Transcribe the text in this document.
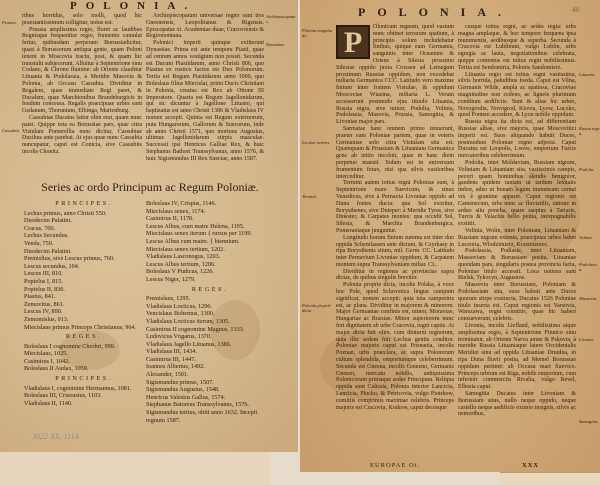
POLONIA.
Prussia.
Cassubia.
Archiepiscopatus.
Dynastiae.

ribus horridus, solo molli, quod hic praestantissimum colligitur, notus est.

Prussia amplissima regio, floret ac laudibus Regnisque frequentior regio, frumento cumulat fertur, quibusdam perperam Borussiadicitur, quasi à Borussorum antiqua gente, quam Poloni tenent in Moscovia tractu, post, & quam hic transtulit subjecerunt. Alluitur à Septentrione sinu Codano, & Chrono flumine: ab Oriente clauditur Lituania & Podolassia, à Meridie Masovia & Polonia, ab Occasu Cassubia. Dividitur in Regalem, quae immediate Regi paret, & Ducalem, quae Marchionibus Brandeburgicis in feudum concessa. Regalis praecipuae urbes sunt Gedanum, Thorunium, Elbinga, Marienburg.

Cassubiae Ducatus latior olim erat, quam nunc patet. Quippe tota ea Borussiae pars, quae citra Vistulam Pomerellia nunc dicitur, Cassubiae Ducibus ante parebat. At ejus quae nunc Cassubia nuncupatur, caput est Conicia, sive Cassubiis incolis Chonitz.

Archiepiscopatum universae regno sunt tres Gnesnensis, Leopolitanus & Rigensis. Episcopatus xi. Academiae duae, Cracoviensis & Regiomontana.

Polonici imperii quinque extiterunt Dynastiae. Prima est ante tempora Piasti, quae ad centum annos vestigium non possit. Secunda est Ducum Piastidarum, anno Christi 806, quo Piastus ex rustico factus est Dux Polonorum. Tertia est Regum Piastidarum anno 1000, quo Boleslaus filius Miecislai, primi Ducis Christiani in Polonia, creatus est Rex ab Ottone III Imperatore. Quarta est Regum Jagellonidarum, qui sic dicuntur à Jagellone Lituano, qui baptizatus est anno Christi 1386 & Vladislaus IV nomen accepit. Quinta est Regum externorum, puta Hungarorum, Gallorum & Suecorum, inde ab anno Christi 1571, quo mortuus Augustus, ultimus Jagellonidarum stirpis masculae. Successit ipsi Henricus Galliae Rex, & huic Stephanus Bathori Transsylvanus, anno 1576, & huic Sigismundus III Rex Sueciae, anno 1587.

Series ac ordo Principum ac Regum Poloniæ.
PRINCIPES.
Lechus primus, anno Christi 550.
Duodecim Palatini.
Cracus, 700.
Lechus Secundus.
Venda, 750.
Duodecim Palatini.
Premislius, sive Lescus primus, 760.
Lescus secundus, 104.
Lescus III, 810.
Popielus I, 815.
Popielus II, 830.
Piastus, 841.
Zemovitus, 861.
Lescus IV, 890.
Zemomislus, 913.
Miecislaus primus Princeps Christianus, 964.
REGES.
Boleslaus I cognomine Chrobri, 999.
Miecislaus, 1025.
Casimirus I, 1042.
Boleslaus II Audax, 1059.
PRINCIPES.
Vladislaus I, cognomine Hermannus, 1081.
Boleslaus III, Crisoustus, 1103.
Vladislaus II, 1140.
Boleslaus IV, Crispus, 1146.
Miecislaus senex, 1174.
Casimirus II, 1178.
Lescus Albus, cum matre Helena, 1195.
Miecislaus senex iterum { rursus per 1199.
Lescus Albus cum matre. { biennium.
Miecislaus senex tertium, 1202.
Vladislaus Lasconogus, 1203.
Lescus Albus tertium, 1206.
Boleslaus V Pudicus, 1226.
Lescus Niger, 1279.
REGES.
Premislaus, 1295.
Vladislaus Locticus, 1296.
Vencislaus Bohemus, 1300.
Vladislaus Locticus iterum, 1305.
Casimirus II cognomine Magnus, 1333.
Ludovicus Vngarus, 1370.
Vladislaus Jagello Lituanus, 1386.
Vladislaus III, 1434.
Casimirus III, 1447.
Ioannes Albertus, 1492.
Alexander, 1501.
Sigismundus primus, 1507.
Sigismundus Augustus, 1548.
Henricus Valesius Gallus, 1574.
Stephanus Batoreus Transsylvanus, 1576.
Sigismundus tertius, obiit anno 1632. Incepit regnum 1587.
3022 XX. 1114
POLONIA.	40
Polonia magnitudo.
Incolae veteres.
Termini.
Polonia propriè dicta.
Lituania.
Russia nigra.
Podolia.
Volinia.
Podolassia.
Massovia.
Livonia.
Samogitia.
P	Olonicum regnum, quod vastum nunc obtinet terrarum spatium, à principio solum includebatur finibus, quique eam Germania, sanguinis inter Oceanum & Oriens à Silesia prossimo Silesiae oppido juxta Crossen ad Lemegum proximum Russiae oppidum, non excedebat miliaria Germanica CCC. Latitudo vero maxime finium inter fontem Vistulae, & oppidum Moscoviae Wiazma, miliaria L. Verum accesserunt postmodo ejus tituolo Lituania, Russia nigra, sive minor, Podolia, Volinia, Podolassia, Masovia, Prussia, Samogitia, & Livoniae major pars.

Sarmatae hanc omnem primo tenuerunt, praeter eam Poloniae partem, quae in veteris Germaniae solo citra Vistulam sita est. Quamquam & Prussiam & Lituaniam Germanica gens ab initio incoluit, quae in hanc diem perpetuo mansit. Solum est in universum frumentum ferax, nisi qua silvis vastioribus interceditur.

Termini autem totius regni Poloniae sunt, à Septentrione mare Suevicum, & sinus Venedicus, sive à Pernavia Livoniae oppido ad Duna fontes ducta: qua Sol exoritur, Borysthenes, sive Dnieper: à Meridie Tyras, sive Dniester, & Carpates montes: qua occidit Sol, Silesia, & Marchia Brandenburgica, Pomeraniaque junguntur.

Longitudo horum finium summa est inter duo oppida Schemlassen ante dictum, & Czyrkasy in ripa Borysthenis situm, mil. Germ. CC. Latitudo inter Pernavium Livoniae oppidum, & Carpatem montem supra Transsylvaniam miliar. CL.

Dividitur in regiones ac provincias supra dictas, de quibus singulis breviter.

Polonia proprie dicta, incolis Polska, à voce hoc Pole, quod Sclavonica lingua campum significat, nomen accepit: quia tota campestris est, ac plana. Dividitur in majorem & minorem. Major Germaniae confinis est, minor, Moraviae, Hungariae ac Russiae. Minor superiorem nunc fert dignitatem ab urbe Cracovia, regni capite. At major dicta fuit olim, cum diuturni regnorum, quia illic sedem fuit Lechus gentis conditor. Poloniae majoris caput est Posnania, incolis Poznan, urbs praeclara, ac supra Polonorum cultum splendida, emporiumque celeberrimum. Secunda est Gnesna, incolis Gniezno, Germanis Gnesen, mercatu nobilis, antiquissima Polonicorum primaque sedes Principum. Reliqua oppida sunt Calissia, Polonia interior Lancicia, Lancicia, Plocko, & Petricovia, vulgo Piotrkow, comitiis comprimis maximae celebris. Princeps majoris est Cracovia, Krakow, caput decesque

cusque totius regni, ac sedes regia: urbs magna amplaque, & hoc tempore frequens ipsa munimentis, aedibusque & superba. Secunda à Cracovia est Lublinum, vulgo Lublin, urbs egregia ac lauta, negotiationibus celebrata, quippe contentus est totius regni nobilissimus. Tertia est Sendomiria, Polonis Sandomierz.

Lituania regio est totius regni vastissima, silvis horrida, paludibus foeda. Caput est Vilna, Germanis Wilde, ampla ac spatiosa, Cracoviae magnitudine non cedens, ac ligneis plurimum conditum aedificiis. Sunt & aliae hic urbes, Novogrodia, Novogrod, Kiovia, Lyow, Luczko, quod Pontem accedere, & Lyon nobile oppidum.

Russia nigra ita dicta est, ad differentiam Russiae albae, sive majoris, quae Moscovitici imperii est. Suos aliquando habuit Duces, postmodum Poloniae regno adjecta. Caput Ducatus est Leopolis, Lwow, emporium Turcis mercatoribus celeberrimum.

Podolia, inter Moldaviam, Russiam nigram, Voliniam & Lituaniam sita, vastissimis campis, pecori quam hominibus alendis benignior, gaudens quidem tantam ut tardum lenitatis imbre, adeo ut bonam legum immensam cernat vix è gramine apparet. Caput regionis est Camenecum, urbs nunc ac fluviatilis, ratione in arduo situ poneba, quare saepius à Tartaris, Turcis & Valachis bello petita, inexpugnabilis exstitit.

Volinia, Wolin, inter Poloniam, Lituaniam & Russiam nigram extenta, praecipuas urbes habet Luceoria, Wlodzimierz, Krzemieniec.

Podolassia, Podlasie, inter Lituaniam, Massoviam & Borussiam posita, Lituaniae quondam pars, singularis postea provincia facta, Poloniae titulo accessit. Loca notiora sunt Bielsk, Tykocyn, Augustow.

Massovia inter Borussiam, Poloniam & Podolassiam sita, suos habuit ante Duces quorum stirpe exstincta, Ducatus 1526 Poloniae titulo inserta est. Caput regionis est Varsovia, Warszawa, regni comitiis, quae hic haberi consueverunt, celebris.

Livonia, incolis Liefland, nobilissima atque amplissima regio, à Septentrione Finnico sinu terminatur, ab Oriente Narva amne & Pskovia, à meridie Russia Lituaniaque latere Occidentalis Meridiei sinu ad oppida Lituaniae Druidna, in ripa Duna fluvii posita, ad Memel Borussiae oppidum pertinet: ab Occasu mari Suevico. Princeps urbium est Riga, nobile emporium, cum inferiori commerciis Rivalia, vulgo Revel, Elbesia caput.

Samogitia Ducatus inter Livoniam & Borussiam situs, nullo neque oppido, neque castello neque aedificio eximio insignis, silvis ac nemoribus,

EUROPAE Oi.	XXX
